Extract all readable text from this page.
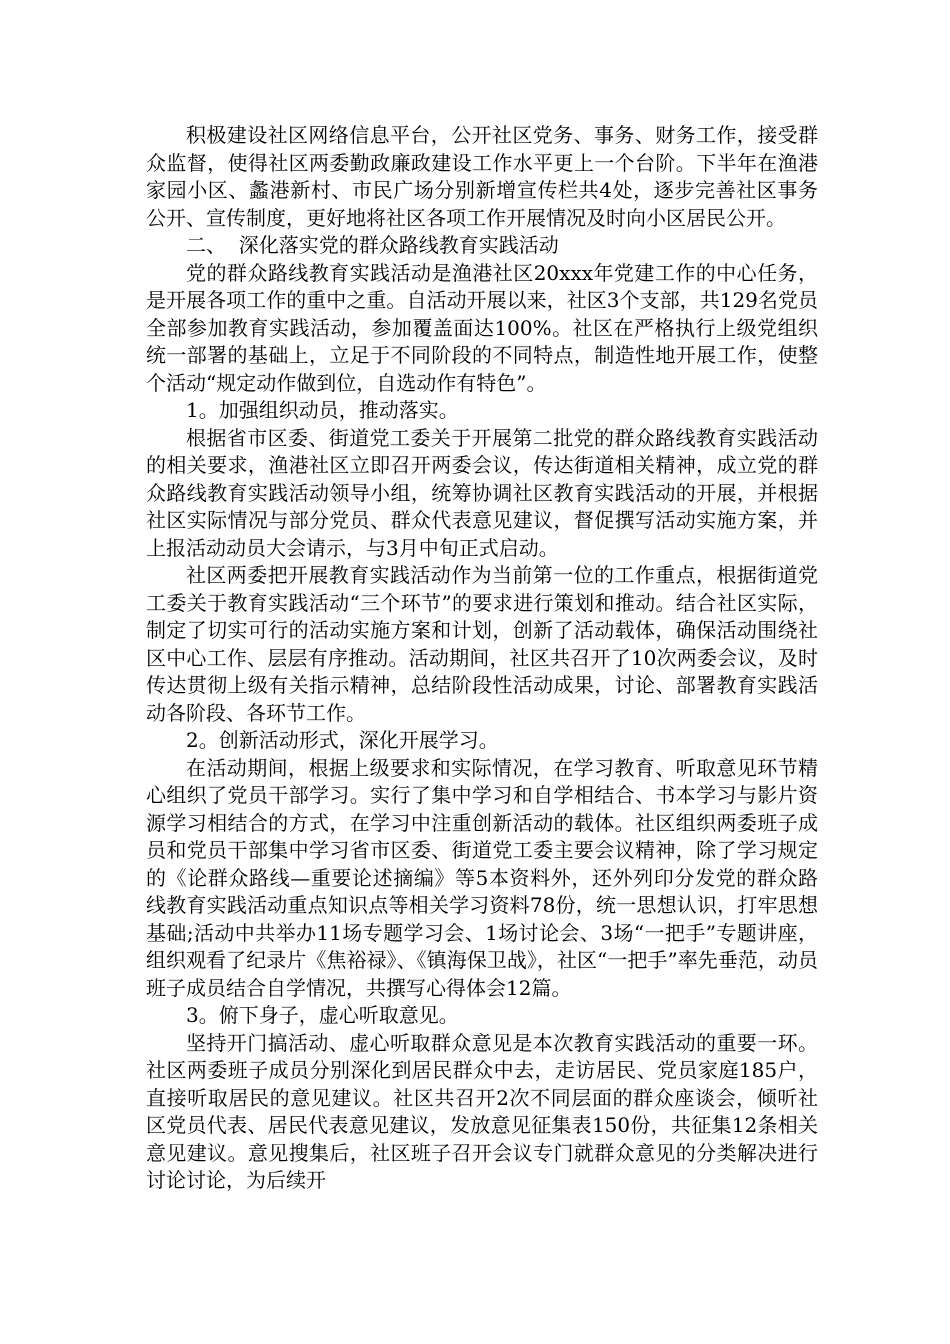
积极建设社区网络信息平台，公开社区党务、事务、财务工作，接受群众监督，使得社区两委勤政廉政建设工作水平更上一个台阶。下半年在渔港家园小区、蠡港新村、市民广场分别新增宣传栏共4处，逐步完善社区事务公开、宣传制度，更好地将社区各项工作开展情况及时向小区居民公开。

二、  深化落实党的群众路线教育实践活动

党的群众路线教育实践活动是渔港社区20xxx年党建工作的中心任务，是开展各项工作的重中之重。自活动开展以来，社区3个支部，共129名党员全部参加教育实践活动，参加覆盖面达100%。社区在严格执行上级党组织统一部署的基础上，立足于不同阶段的不同特点，制造性地开展工作，使整个活动“规定动作做到位，自选动作有特色”。

1。加强组织动员，推动落实。

根据省市区委、街道党工委关于开展第二批党的群众路线教育实践活动的相关要求，渔港社区立即召开两委会议，传达街道相关精神，成立党的群众路线教育实践活动领导小组，统筹协调社区教育实践活动的开展，并根据社区实际情况与部分党员、群众代表意见建议，督促撰写活动实施方案，并上报活动动员大会请示，与3月中旬正式启动。

社区两委把开展教育实践活动作为当前第一位的工作重点，根据街道党工委关于教育实践活动“三个环节”的要求进行策划和推动。结合社区实际，制定了切实可行的活动实施方案和计划，创新了活动载体，确保活动围绕社区中心工作、层层有序推动。活动期间，社区共召开了10次两委会议，及时传达贯彻上级有关指示精神，总结阶段性活动成果，讨论、部署教育实践活动各阶段、各环节工作。

2。创新活动形式，深化开展学习。

在活动期间，根据上级要求和实际情况，在学习教育、听取意见环节精心组织了党员干部学习。实行了集中学习和自学相结合、书本学习与影片资源学习相结合的方式，在学习中注重创新活动的载体。社区组织两委班子成员和党员干部集中学习省市区委、街道党工委主要会议精神，除了学习规定的《论群众路线—重要论述摘编》等5本资料外，还外列印分发党的群众路线教育实践活动重点知识点等相关学习资料78份，统一思想认识，打牢思想基础;活动中共举办11场专题学习会、1场讨论会、3场“一把手”专题讲座，组织观看了纪录片《焦裕禄》、《镇海保卫战》，社区“一把手”率先垂范，动员班子成员结合自学情况，共撰写心得体会12篇。

3。俯下身子，虚心听取意见。

坚持开门搞活动、虚心听取群众意见是本次教育实践活动的重要一环。社区两委班子成员分别深化到居民群众中去，走访居民、党员家庭185户，直接听取居民的意见建议。社区共召开2次不同层面的群众座谈会，倾听社区党员代表、居民代表意见建议，发放意见征集表150份，共征集12条相关意见建议。意见搜集后，社区班子召开会议专门就群众意见的分类解决进行讨论讨论，为后续开
